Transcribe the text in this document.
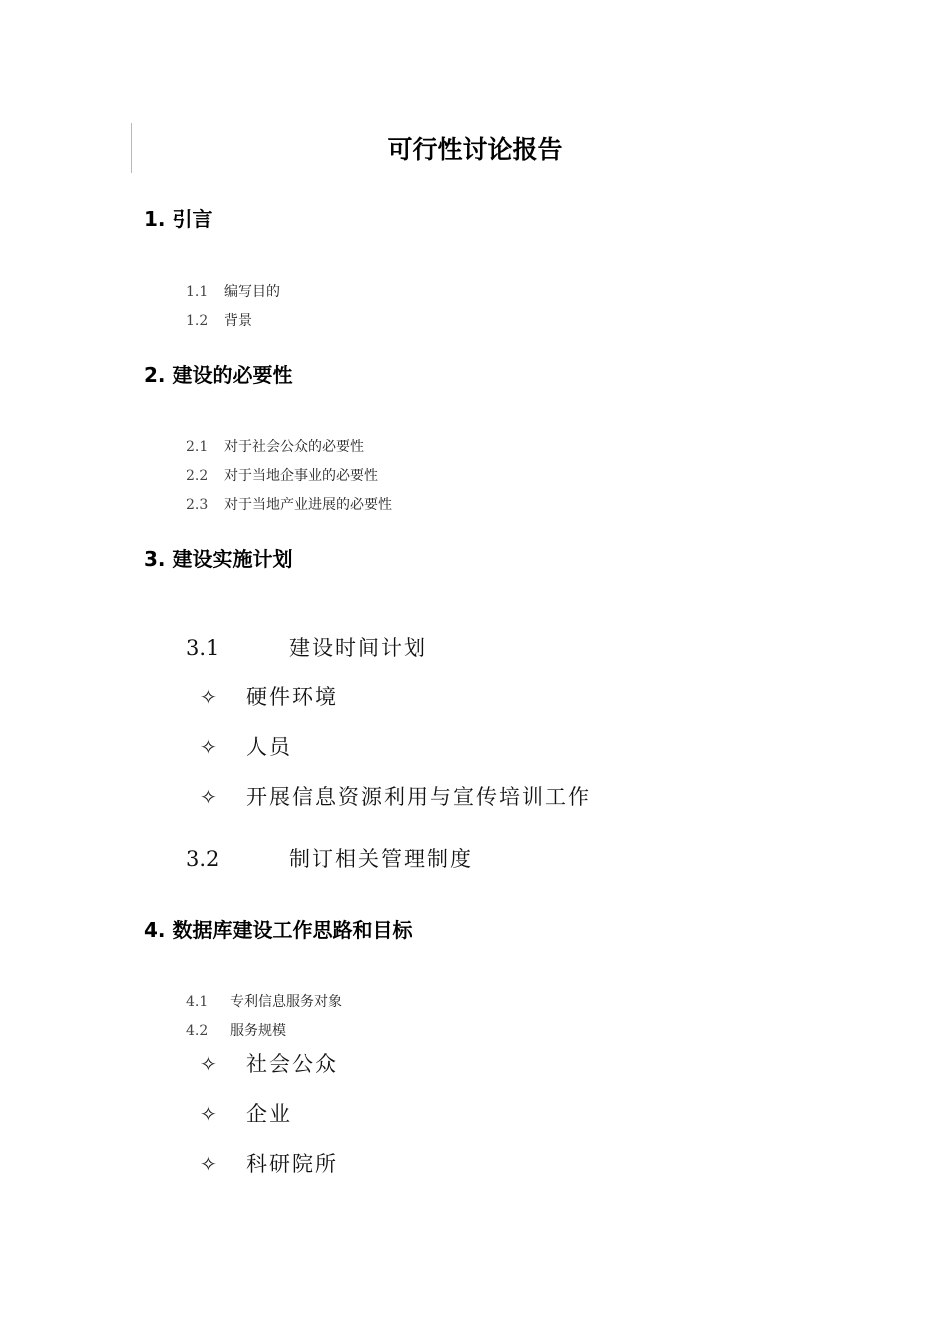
可行性讨论报告
1. 引言
1.1 编写目的
1.2 背景
2. 建设的必要性
2.1 对于社会公众的必要性
2.2 对于当地企事业的必要性
2.3 对于当地产业进展的必要性
3. 建设实施计划
3.1	建设时间计划
✧ 硬件环境
✧ 人员
✧ 开展信息资源利用与宣传培训工作
3.2	制订相关管理制度
4. 数据库建设工作思路和目标
4.1 专利信息服务对象
4.2 服务规模
✧ 社会公众
✧ 企业
✧ 科研院所
